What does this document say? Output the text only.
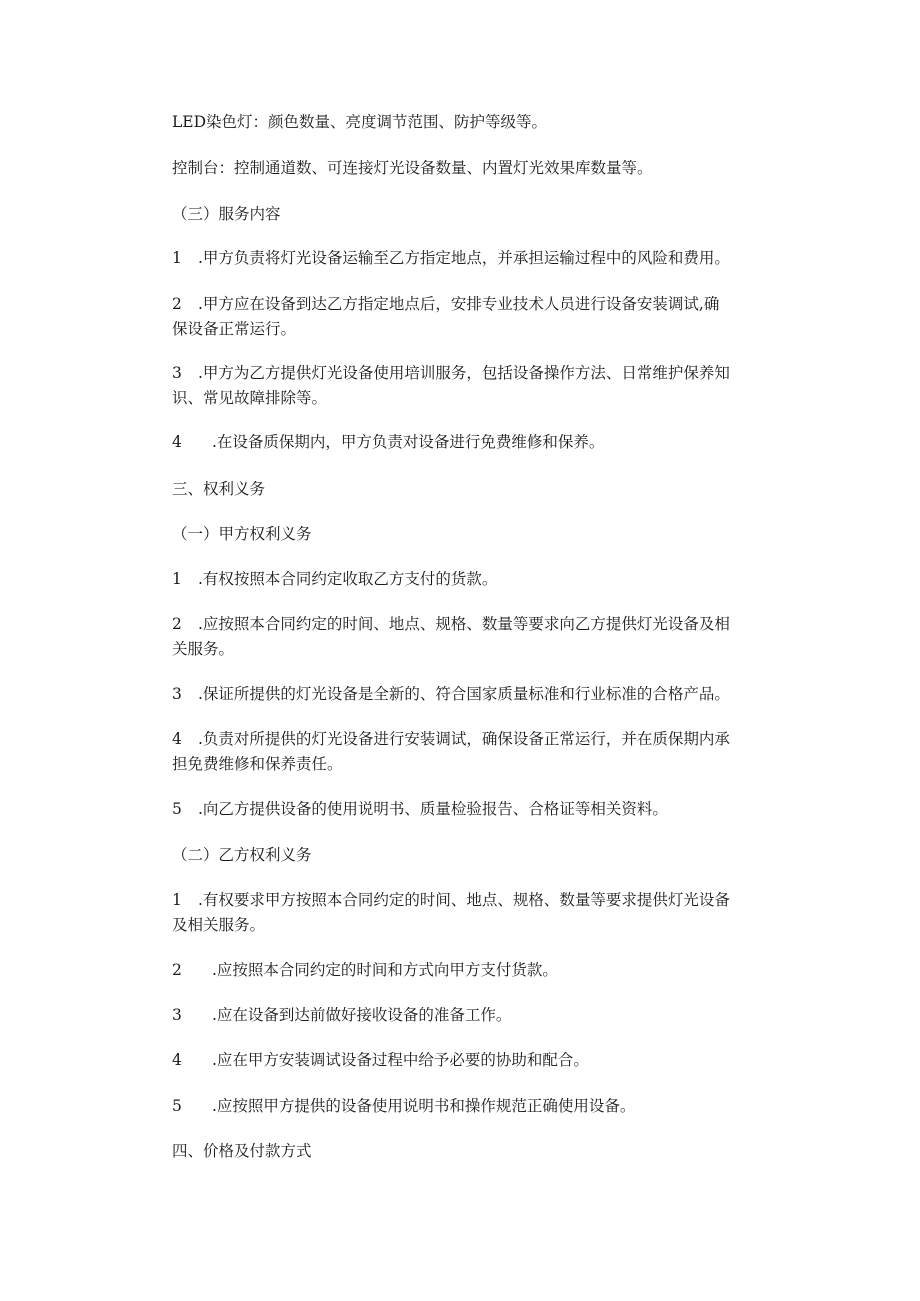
LED染色灯：颜色数量、亮度调节范围、防护等级等。

控制台：控制通道数、可连接灯光设备数量、内置灯光效果库数量等。

（三）服务内容

1 .甲方负责将灯光设备运输至乙方指定地点，并承担运输过程中的风险和费用。

2 .甲方应在设备到达乙方指定地点后，安排专业技术人员进行设备安装调试,确

保设备正常运行。

3 .甲方为乙方提供灯光设备使用培训服务，包括设备操作方法、日常维护保养知

识、常见故障排除等。

4 .在设备质保期内，甲方负责对设备进行免费维修和保养。

三、权利义务

（一）甲方权利义务

1 .有权按照本合同约定收取乙方支付的货款。

2 .应按照本合同约定的时间、地点、规格、数量等要求向乙方提供灯光设备及相

关服务。

3 .保证所提供的灯光设备是全新的、符合国家质量标准和行业标准的合格产品。

4 .负责对所提供的灯光设备进行安装调试，确保设备正常运行，并在质保期内承

担免费维修和保养责任。

5 .向乙方提供设备的使用说明书、质量检验报告、合格证等相关资料。

（二）乙方权利义务

1 .有权要求甲方按照本合同约定的时间、地点、规格、数量等要求提供灯光设备

及相关服务。

2 .应按照本合同约定的时间和方式向甲方支付货款。

3 .应在设备到达前做好接收设备的准备工作。

4 .应在甲方安装调试设备过程中给予必要的协助和配合。

5 .应按照甲方提供的设备使用说明书和操作规范正确使用设备。

四、价格及付款方式
